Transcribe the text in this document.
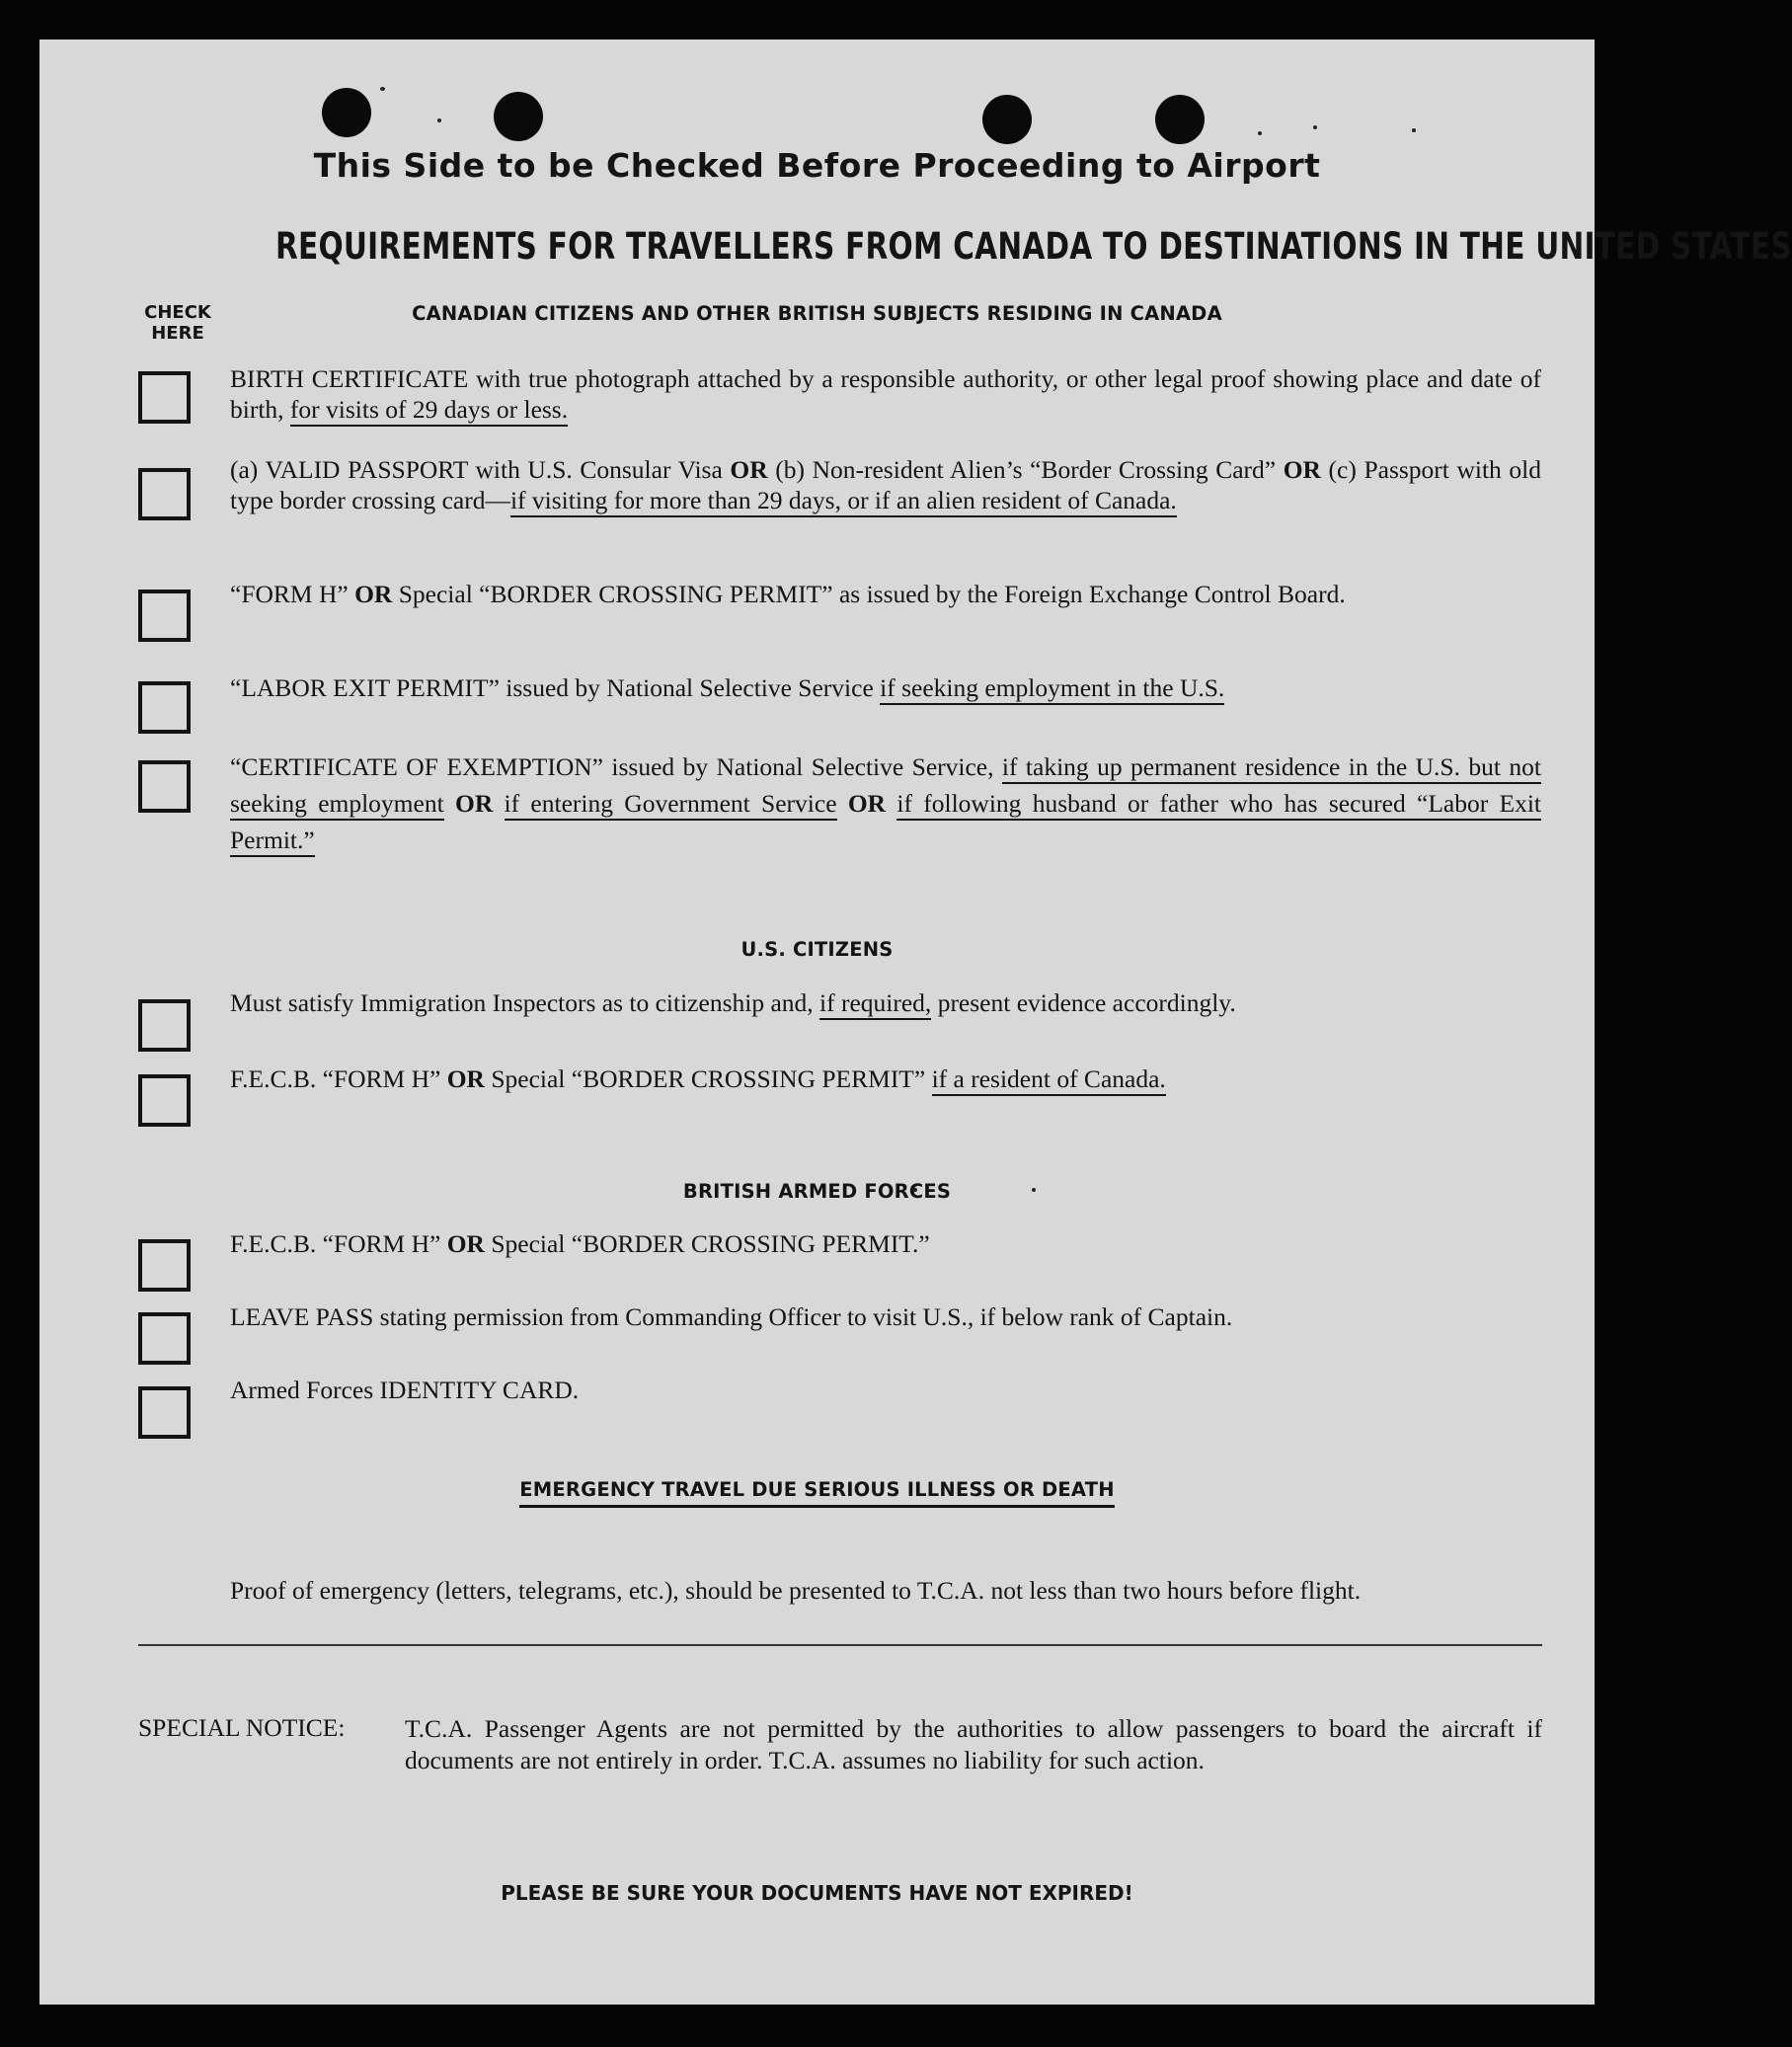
This Side to be Checked Before Proceeding to Airport
REQUIREMENTS FOR TRAVELLERS FROM CANADA TO DESTINATIONS IN THE UNITED STATES
CHECK
HERE
CANADIAN CITIZENS AND OTHER BRITISH SUBJECTS RESIDING IN CANADA
BIRTH CERTIFICATE with true photograph attached by a responsible authority, or other legal proof showing place and date of birth, for visits of 29 days or less.
(a) VALID PASSPORT with U.S. Consular Visa OR (b) Non-resident Alien’s “Border Crossing Card” OR (c) Passport with old type border crossing card—if visiting for more than 29 days, or if an alien resident of Canada.
“FORM H” OR Special “BORDER CROSSING PERMIT” as issued by the Foreign Exchange Control Board.
“LABOR EXIT PERMIT” issued by National Selective Service if seeking employment in the U.S.
“CERTIFICATE OF EXEMPTION” issued by National Selective Service, if taking up permanent residence in the U.S. but not seeking employment OR if entering Government Service OR if following husband or father who has secured “Labor Exit Permit.”
U.S. CITIZENS
Must satisfy Immigration Inspectors as to citizenship and, if required, present evidence accordingly.
F.E.C.B. “FORM H” OR Special “BORDER CROSSING PERMIT” if a resident of Canada.
BRITISH ARMED FORCES
F.E.C.B. “FORM H” OR Special “BORDER CROSSING PERMIT.”
LEAVE PASS stating permission from Commanding Officer to visit U.S., if below rank of Captain.
Armed Forces IDENTITY CARD.
EMERGENCY TRAVEL DUE SERIOUS ILLNESS OR DEATH
Proof of emergency (letters, telegrams, etc.), should be presented to T.C.A. not less than two hours before flight.
SPECIAL NOTICE: T.C.A. Passenger Agents are not permitted by the authorities to allow passengers to board the aircraft if documents are not entirely in order. T.C.A. assumes no liability for such action.
PLEASE BE SURE YOUR DOCUMENTS HAVE NOT EXPIRED!
